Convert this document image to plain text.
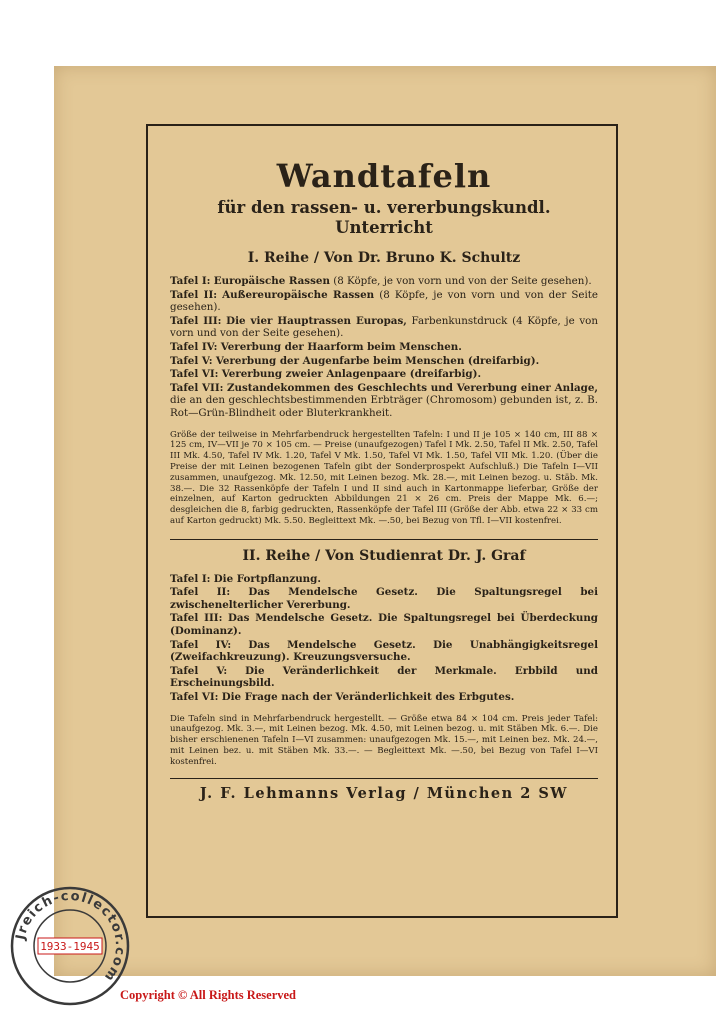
Wandtafeln
für den rassen- u. vererbungskundl. Unterricht
I. Reihe / Von Dr. Bruno K. Schultz
Tafel I: Europäische Rassen (8 Köpfe, je von vorn und von der Seite gesehen).
Tafel II: Außereuropäische Rassen (8 Köpfe, je von vorn und von der Seite gesehen).
Tafel III: Die vier Hauptrassen Europas, Farbenkunstdruck (4 Köpfe, je von vorn und von der Seite gesehen).
Tafel IV: Vererbung der Haarform beim Menschen.
Tafel V: Vererbung der Augenfarbe beim Menschen (dreifarbig).
Tafel VI: Vererbung zweier Anlagenpaare (dreifarbig).
Tafel VII: Zustandekommen des Geschlechts und Vererbung einer Anlage, die an den geschlechtsbestimmenden Erbträger (Chromosom) gebunden ist, z. B. Rot—Grün-Blindheit oder Bluterkrankheit.
Größe der teilweise in Mehrfarbendruck hergestellten Tafeln: I und II je 105 × 140 cm, III 88 × 125 cm, IV—VII je 70 × 105 cm. — Preise (unaufgezogen) Tafel I Mk. 2.50, Tafel II Mk. 2.50, Tafel III Mk. 4.50, Tafel IV Mk. 1.20, Tafel V Mk. 1.50, Tafel VI Mk. 1.50, Tafel VII Mk. 1.20. (Über die Preise der mit Leinen bezogenen Tafeln gibt der Sonderprospekt Aufschluß.) Die Tafeln I—VII zusammen, unaufgezog. Mk. 12.50, mit Leinen bezog. Mk. 28.—, mit Leinen bezog. u. Stäb. Mk. 38.—. Die 32 Rassenköpfe der Tafeln I und II sind auch in Kartonmappe lieferbar, Größe der einzelnen, auf Karton gedruckten Abbildungen 21 × 26 cm. Preis der Mappe Mk. 6.—; desgleichen die 8, farbig gedruckten, Rassenköpfe der Tafel III (Größe der Abb. etwa 22 × 33 cm auf Karton gedruckt) Mk. 5.50. Begleittext Mk. —.50, bei Bezug von Tfl. I—VII kostenfrei.
II. Reihe / Von Studienrat Dr. J. Graf
Tafel I: Die Fortpflanzung.
Tafel II: Das Mendelsche Gesetz. Die Spaltungsregel bei zwischenelterlicher Vererbung.
Tafel III: Das Mendelsche Gesetz. Die Spaltungsregel bei Überdeckung (Dominanz).
Tafel IV: Das Mendelsche Gesetz. Die Unabhängigkeitsregel (Zweifachkreuzung). Kreuzungsversuche.
Tafel V: Die Veränderlichkeit der Merkmale. Erbbild und Erscheinungsbild.
Tafel VI: Die Frage nach der Veränderlichkeit des Erbgutes.
Die Tafeln sind in Mehrfarbendruck hergestellt. — Größe etwa 84 × 104 cm. Preis jeder Tafel: unaufgezog. Mk. 3.—, mit Leinen bezog. Mk. 4.50, mit Leinen bezog. u. mit Stäben Mk. 6.—. Die bisher erschienenen Tafeln I—VI zusammen: unaufgezogen Mk. 15.—, mit Leinen bez. Mk. 24.—, mit Leinen bez. u. mit Stäben Mk. 33.—. — Begleittext Mk. —.50, bei Bezug von Tafel I—VI kostenfrei.
J. F. Lehmanns Verlag / München 2 SW
Jreich-collector.com
1933-1945
Copyright © All Rights Reserved
